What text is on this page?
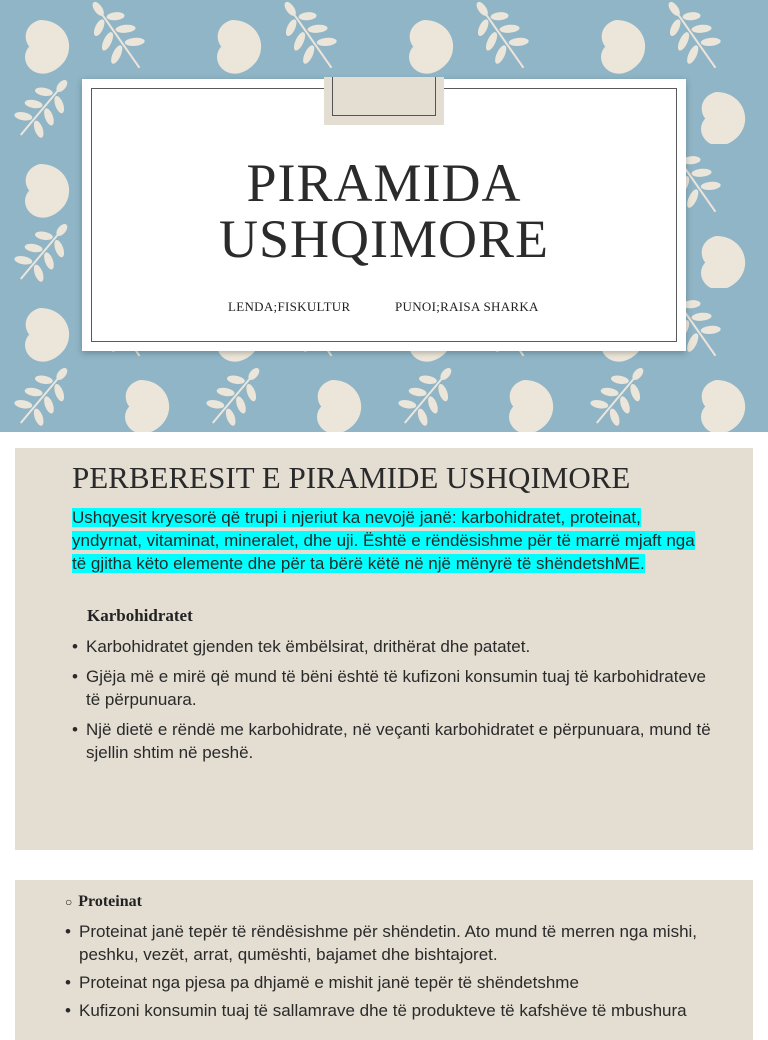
PIRAMIDA
USHQIMORE
LENDA;FISKULTUR	PUNOI;RAISA SHARKA
PERBERESIT E PIRAMIDE USHQIMORE
Ushqyesit kryesorë që trupi i njeriut ka nevojë janë: karbohidratet, proteinat, yndyrnat, vitaminat, mineralet, dhe uji. Është e rëndësishme për të marrë mjaft nga të gjitha këto elemente dhe për ta bërë këtë në një mënyrë të shëndetshME.
Karbohidratet
• Karbohidratet gjenden tek ëmbëlsirat, drithërat dhe patatet.
• Gjëja më e mirë që mund të bëni është të kufizoni konsumin tuaj të karbohidrateve të përpunuara.
• Një dietë e rëndë me karbohidrate, në veçanti karbohidratet e përpunuara, mund të sjellin shtim në peshë.
○ Proteinat
• Proteinat janë tepër të rëndësishme për shëndetin. Ato mund të merren nga mishi, peshku, vezët, arrat, qumështi, bajamet dhe bishtajoret.
• Proteinat nga pjesa pa dhjamë e mishit janë tepër të shëndetshme
• Kufizoni konsumin tuaj të sallamrave dhe të produkteve të kafshëve të mbushura
